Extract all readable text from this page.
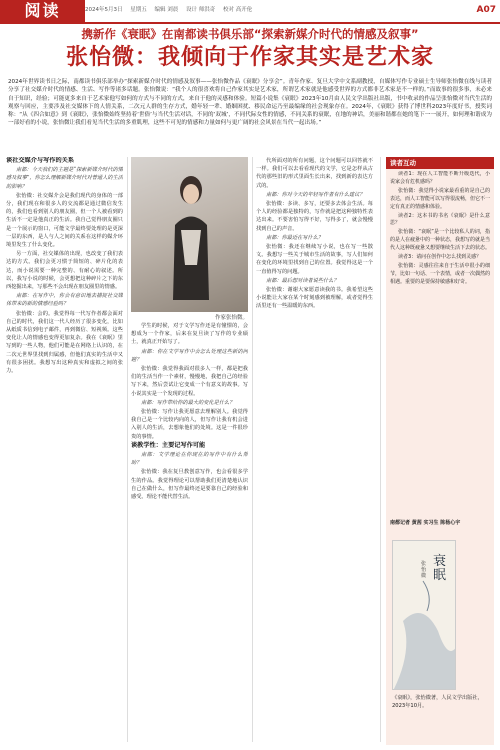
阅读	2024年5月3日 星期五 编辑 刘晨 设计 师洪奇 校对 高开伦	A07
携新作《衰眠》在南都读书俱乐部“探索新媒介时代的情感及叙事”
张怡微：我倾向于作家其实是艺术家
2024年世界读书日之际，南都读书俱乐部举办“探索新媒介时代的情感及叙事——张怡微作品《衰眠》分享会”。青年作家、复旦大学中文系副教授，自媒体写作专业硕士生导师张怡微在线与读者分享了社交媒介时代的情感、生活、写作等诸多话题。张怡微说：“我个人的很喜欢将自己作家其实是艺术家，所谓艺术家就是他感受世界的方式都非艺术家是不一样的。”而故事的很多事，未必来自于知识，经验；可能更多来自于艺术家他写如何的方式与不同的方式，来自于他的灵感和体验。短篇小说集《衰眠》2023年10月由人民文学出版社出版，书中收录的作品呈张怡微对当代生活的观察与回应，主要涉及社交媒体下的人情关系，二次元人群的生存方式，婚年轻一辈、婚姻困扰、移民命运乃至最编缘的社会现象存在。2024年，《衰眠》获得了博世科2023年度好书，授奖词称：“从《四合如意》到《衰眠》，张怡微始终坚持着‘世俗’与当代生活对话，不同的‘双城’，不同代际女性的情感，不同关系的衰眠，在地的神话，美丽和谐都在她的笔下一一展开，如何理和谐成为一部好看的小说，张怡微让我们看见当代生活的多重肌理，这些不可见的情感和力量如何与更广阔的社会风景在当代一起出场。”

谈社交媒介与写作的关系

南都：今天我们的主题是“探索新媒介时代的情感及叙事”，你怎么理解新媒介时代对普通人的生活的影响？

张怡微：社交媒介会是我们现代的身体的一部分，我们现在和很多人的交流都是通过微信发生的，我们也看到别人的朋友圈，但一个人被看到的生活不一定是他真正的生活。我自己觉得朋友圈只是一个展示的窗口，可能文学最终要处理的是更深一层的东西，是人与人之间的关系在这样的媒介环境里发生了什么变化。

另一方面，社交媒体的出现，也改变了我们表达的方式。我们会更习惯于简短的、碎片化的表达，而小说需要一种完整的、有耐心的叙述。所以，我写小说的时候，会更想把这种碎片之下的东西挖掘出来，写那些不会出现在朋友圈里的情感。

南都：在写作中，你会有意识地去捕捉社交媒体带来的新的情感经验吗？

张怡微：会的。我觉得每一代写作者都会面对自己的时代，我们这一代人经历了很多变化，比如从纸质书信到电子邮件，再到微信、短视频。这些变化让人的情感也变得更加复杂。我在《衰眠》里写到的一些人物，他们可能是在网络上认识的，在二次元世界里找到归属感，但他们真实的生活中又有很多困扰。我想写出这种真实和虚拟之间的张力。

作家张怡微。

学生的时候，对于文学写作还是有憧憬的，会想成为一个作家，后来在复旦读了写作的专业硕士，就真正开始写了。

南都：你在文学写作中会怎么处理这些新的问题？

张怡微：我觉得我面对很多人一样，都是把我们的生活当作一个素材，慢慢地，我把自己的经验写下来，然后尝试让它变成一个有意义的故事。写小说其实是一个发现的过程。

南都：写作带给你的最大的变化是什么？

张怡微：写作让我更愿意去理解别人。我觉得我自己是一个比较内向的人，但写作让我有机会进入别人的生活，去想象他们的处境。这是一件很珍贵的事情。

谈教学性：主要记写作可能

南都：文学理论在你现在的写作中有什么帮助？

张怡微：我在复旦教创意写作，也会看很多学生的作品。我觉得理论可以帮助我们更清楚地认识自己在做什么，但写作最终还是要靠自己的经验和感受。理论不能代替生活。

代所面对的所有问题，这个问题可以回答就不一样。我们可以去看看现代的文学，它是怎样从古代的那些旧的形式里面生长出来，找到新的表达方式的。

南都：你对今天的年轻写作者有什么建议？

张怡微：多读、多写，还要多去体会生活。每个人的经验都是独特的，写作就是把这种独特性表达出来。不要害怕写得不好，写得多了，就会慢慢找到自己的声音。

南都：你最近在写什么？

张怡微：我还在继续写小说，也在写一些散文。我想写一些关于城市生活的故事，写人们如何在变化的环境里找到自己的位置。我觉得这是一个一直值得写的问题。

南都：最后想对读者说些什么？

张怡微：谢谢大家愿意读我的书。我希望这些小说能让大家在某个时刻感到被理解，或者觉得生活里还有一些温暖的东西。

读者互动

读者1：现在人工智能不断升级迭代，小说家会有危机感吗？

张怡微：我觉得小说家最看重的是自己的表达，而人工智能可以写得很流畅，但它不一定有真正的情感和体验。

读者2：这本书的书名《衰眠》是什么意思？

张怡微：“衰眠”是一个比较私人的词，指的是人在疲惫中的一种状态，我想写的就是当代人这种既疲惫又想要继续生活下去的状态。

读者3：请问在创作中怎么找到灵感？

张怡微：灵感往往来自于生活中很小的细节，比如一句话、一个表情，或者一次偶然的相遇。重要的是要保持敏感和好奇。

南都记者 黄茜 实习生 陈杨心宇
衰眠
张怡微
《衰眠》，张怡微著，人民文学出版社，2023年10月。
